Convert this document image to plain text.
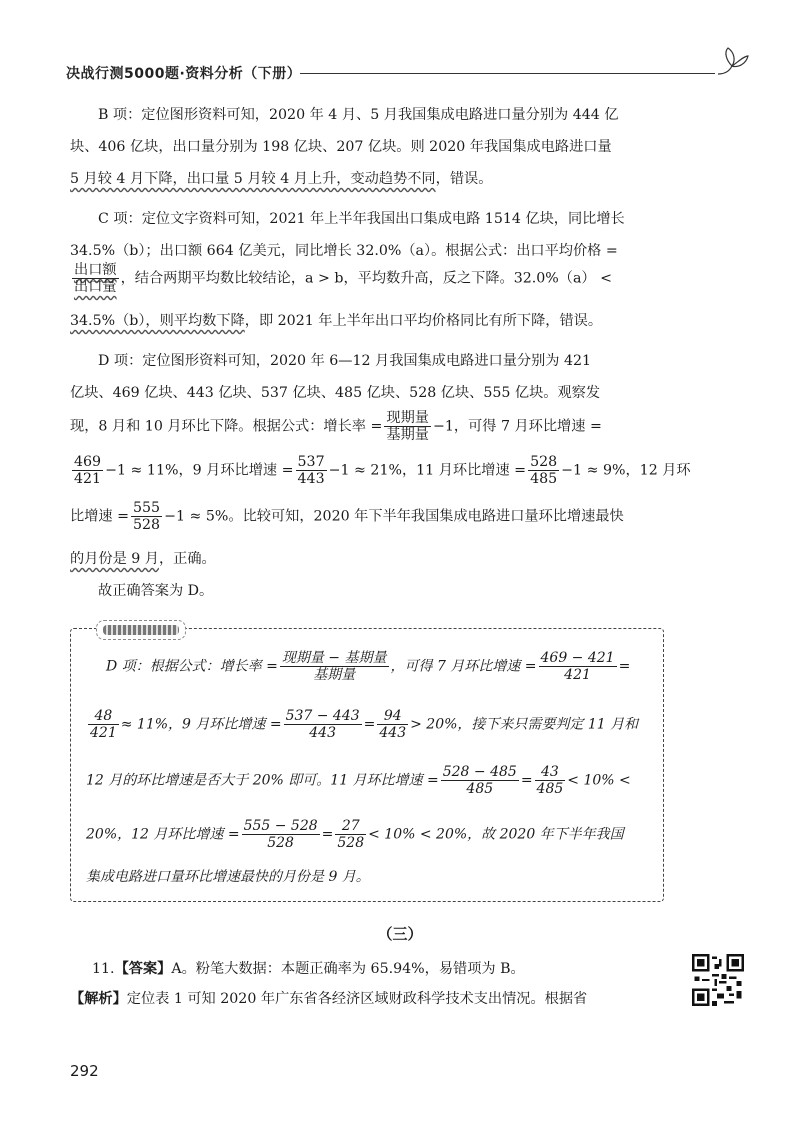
决战行测5000题·资料分析（下册）
B 项：定位图形资料可知，2020 年 4 月、5 月我国集成电路进口量分别为 444 亿
块、406 亿块，出口量分别为 198 亿块、207 亿块。则 2020 年我国集成电路进口量
5 月较 4 月下降，出口量 5 月较 4 月上升，变动趋势不同，错误。
C 项：定位文字资料可知，2021 年上半年我国出口集成电路 1514 亿块，同比增长
34.5%（b）；出口额 664 亿美元，同比增长 32.0%（a）。根据公式：出口平均价格 =
$\frac{\text{出口额}}{\text{出口量}}$ ，结合两期平均数比较结论，a > b，平均数升高，反之下降。32.0%（a） <
34.5%（b），则平均数下降，即 2021 年上半年出口平均价格同比有所下降，错误。
D 项：定位图形资料可知，2020 年 6—12 月我国集成电路进口量分别为 421
亿块、469 亿块、443 亿块、537 亿块、485 亿块、528 亿块、555 亿块。观察发
现，8 月和 10 月环比下降。根据公式：增长率 = $\frac{\text{现期量}}{\text{基期量}} -1$，可得 7 月环比增速 =
$\frac{469}{421} -1 \approx 11\%$，9 月环比增速 = $\frac{537}{443} -1 \approx 21\%$，11 月环比增速 = $\frac{528}{485} -1 \approx 9\%$，12 月环
比增速 = $\frac{555}{528} -1 \approx 5\%$。比较可知，2020 年下半年我国集成电路进口量环比增速最快
的月份是 9 月，正确。
故正确答案为 D。
D 项：根据公式：增长率 = $\frac{\text{现期量 − 基期量}}{\text{基期量}}$ ，可得 7 月环比增速 = $\frac{469 - 421}{421}$ =
$\frac{48}{421} \approx 11\%$，9 月环比增速 = $\frac{537 - 443}{443} = \frac{94}{443} > 20\%$，接下来只需要判定 11 月和
12 月的环比增速是否大于 20% 即可。11 月环比增速 = $\frac{528 - 485}{485} = \frac{43}{485} < 10\%$ <
20%，12 月环比增速 = $\frac{555 - 528}{528} = \frac{27}{528} < 10\% < 20\%$，故 2020 年下半年我国
集成电路进口量环比增速最快的月份是 9 月。
（三）
11.【答案】A。粉笔大数据：本题正确率为 65.94%，易错项为 B。
【解析】定位表 1 可知 2020 年广东省各经济区域财政科学技术支出情况。根据省
292
